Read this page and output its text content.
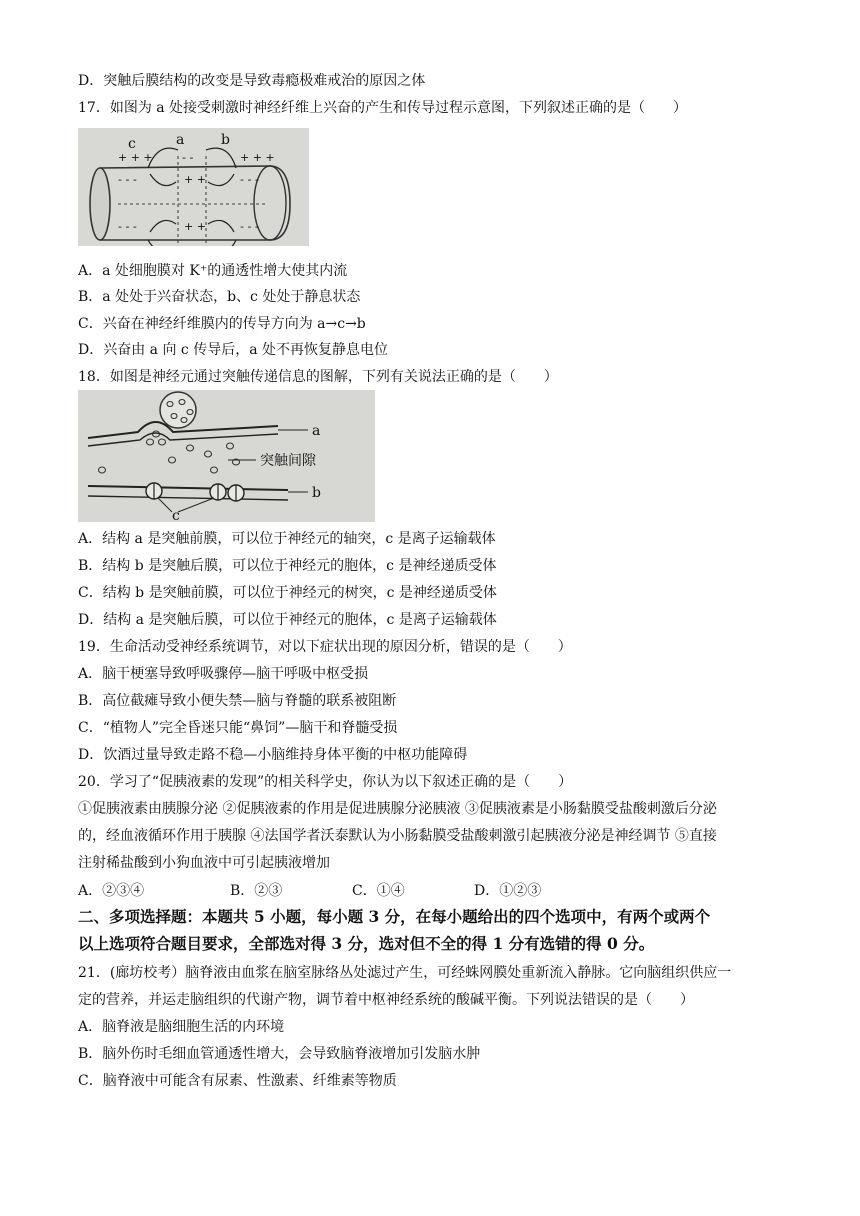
D．突触后膜结构的改变是导致毒瘾极难戒治的原因之体
17．如图为 a 处接受刺激时神经纤维上兴奋的产生和传导过程示意图，下列叙述正确的是（　　）
+ + +	- -	+ + +
- - -	+ +	- - -
- - -	+ +	- - -
c	a	b
A．a 处细胞膜对 K⁺的通透性增大使其内流
B．a 处处于兴奋状态，b、c 处处于静息状态
C．兴奋在神经纤维膜内的传导方向为 a→c→b
D．兴奋由 a 向 c 传导后，a 处不再恢复静息电位
18．如图是神经元通过突触传递信息的图解，下列有关说法正确的是（　　）
a
突触间隙
b
c
A．结构 a 是突触前膜，可以位于神经元的轴突，c 是离子运输载体
B．结构 b 是突触后膜，可以位于神经元的胞体，c 是神经递质受体
C．结构 b 是突触前膜，可以位于神经元的树突，c 是神经递质受体
D．结构 a 是突触后膜，可以位于神经元的胞体，c 是离子运输载体
19．生命活动受神经系统调节，对以下症状出现的原因分析，错误的是（　　）
A．脑干梗塞导致呼吸骤停—脑干呼吸中枢受损
B．高位截瘫导致小便失禁—脑与脊髓的联系被阻断
C．“植物人”完全昏迷只能“鼻饲”—脑干和脊髓受损
D．饮酒过量导致走路不稳—小脑维持身体平衡的中枢功能障碍
20．学习了“促胰液素的发现”的相关科学史，你认为以下叙述正确的是（　　）
①促胰液素由胰腺分泌 ②促胰液素的作用是促进胰腺分泌胰液 ③促胰液素是小肠黏膜受盐酸刺激后分泌
的，经血液循环作用于胰腺 ④法国学者沃泰默认为小肠黏膜受盐酸刺激引起胰液分泌是神经调节 ⑤直接
注射稀盐酸到小狗血液中可引起胰液增加
A．②③④	B．②③	C．①④	D．①②③
二、多项选择题：本题共 5 小题，每小题 3 分，在每小题给出的四个选项中，有两个或两个
以上选项符合题目要求，全部选对得 3 分，选对但不全的得 1 分有选错的得 0 分。
21．(廊坊校考）脑脊液由血浆在脑室脉络丛处滤过产生，可经蛛网膜处重新流入静脉。它向脑组织供应一
定的营养，并运走脑组织的代谢产物，调节着中枢神经系统的酸碱平衡。下列说法错误的是（　　）
A．脑脊液是脑细胞生活的内环境
B．脑外伤时毛细血管通透性增大，会导致脑脊液增加引发脑水肿
C．脑脊液中可能含有尿素、性激素、纤维素等物质
